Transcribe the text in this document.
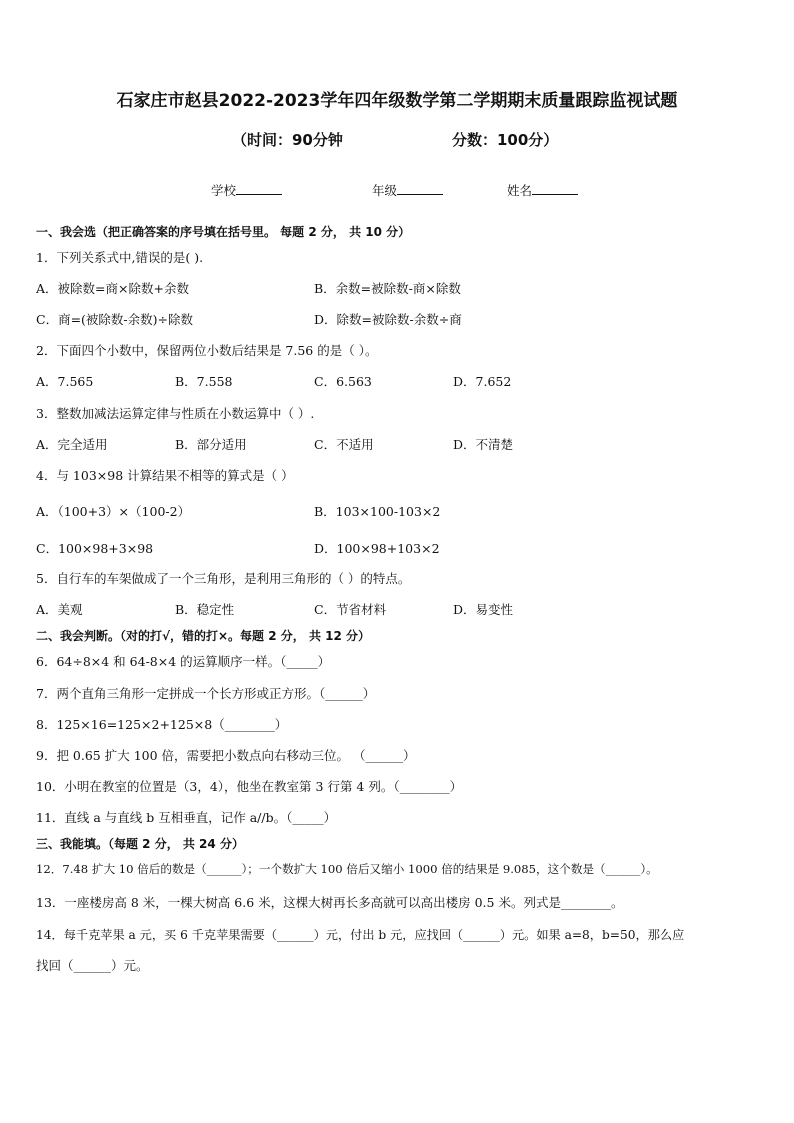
石家庄市赵县2022-2023学年四年级数学第二学期期末质量跟踪监视试题
（时间：90分钟	分数：100分）
学校	年级	姓名
一、我会选（把正确答案的序号填在括号里。 每题 2 分， 共 10 分）
1．下列关系式中,错误的是( ).
A．被除数=商×除数+余数	B．余数=被除数-商×除数
C．商=(被除数-余数)÷除数	D．除数=被除数-余数÷商
2．下面四个小数中，保留两位小数后结果是 7.56 的是（ ）。
A．7.565	B．7.558	C．6.563	D．7.652
3．整数加减法运算定律与性质在小数运算中（ ）.
A．完全适用	B．部分适用	C．不适用	D．不清楚
4．与 103×98 计算结果不相等的算式是（ ）
A．（100+3）×（100-2）	B．103×100-103×2
C．100×98+3×98	D．100×98+103×2
5．自行车的车架做成了一个三角形，是利用三角形的（ ）的特点。
A．美观	B．稳定性	C．节省材料	D．易变性
二、我会判断。（对的打√，错的打×。每题 2 分， 共 12 分）
6．64÷8×4 和 64-8×4 的运算顺序一样。（_____）
7．两个直角三角形一定拼成一个长方形或正方形。（______）
8．125×16=125×2+125×8（________）
9．把 0.65 扩大 100 倍，需要把小数点向右移动三位。 （______）
10．小明在教室的位置是（3，4），他坐在教室第 3 行第 4 列。（________）
11．直线 a 与直线 b 互相垂直，记作 a//b。（_____）
三、我能填。（每题 2 分， 共 24 分）
12．7.48 扩大 10 倍后的数是（______）；一个数扩大 100 倍后又缩小 1000 倍的结果是 9.085，这个数是（______）。
13．一座楼房高 8 米，一棵大树高 6.6 米，这棵大树再长多高就可以高出楼房 0.5 米。列式是________。
14．每千克苹果 a 元，买 6 千克苹果需要（______）元，付出 b 元，应找回（______）元。如果 a=8，b=50，那么应
找回（______）元。
